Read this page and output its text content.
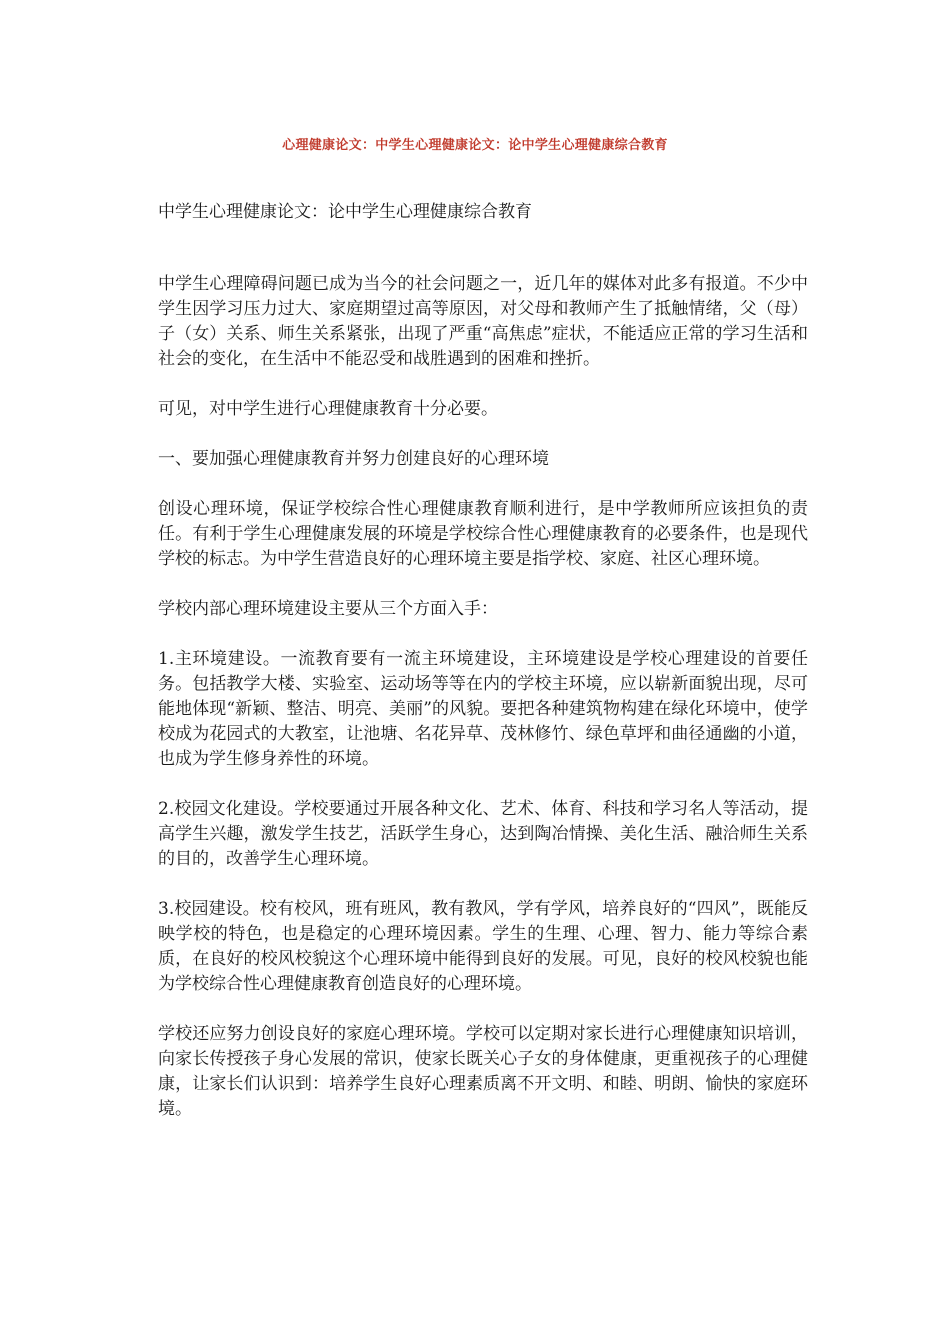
心理健康论文：中学生心理健康论文：论中学生心理健康综合教育

中学生心理健康论文：论中学生心理健康综合教育

中学生心理障碍问题已成为当今的社会问题之一，近几年的媒体对此多有报道。不少中学生因学习压力过大、家庭期望过高等原因，对父母和教师产生了抵触情绪，父（母）子（女）关系、师生关系紧张，出现了严重“高焦虑”症状，不能适应正常的学习生活和社会的变化，在生活中不能忍受和战胜遇到的困难和挫折。

可见，对中学生进行心理健康教育十分必要。

一、要加强心理健康教育并努力创建良好的心理环境

创设心理环境，保证学校综合性心理健康教育顺利进行，是中学教师所应该担负的责任。有利于学生心理健康发展的环境是学校综合性心理健康教育的必要条件，也是现代学校的标志。为中学生营造良好的心理环境主要是指学校、家庭、社区心理环境。

学校内部心理环境建设主要从三个方面入手：

1.主环境建设。一流教育要有一流主环境建设，主环境建设是学校心理建设的首要任务。包括教学大楼、实验室、运动场等等在内的学校主环境，应以崭新面貌出现，尽可能地体现“新颖、整洁、明亮、美丽”的风貌。要把各种建筑物构建在绿化环境中，使学校成为花园式的大教室，让池塘、名花异草、茂林修竹、绿色草坪和曲径通幽的小道，也成为学生修身养性的环境。

2.校园文化建设。学校要通过开展各种文化、艺术、体育、科技和学习名人等活动，提高学生兴趣，激发学生技艺，活跃学生身心，达到陶冶情操、美化生活、融洽师生关系的目的，改善学生心理环境。

3.校园建设。校有校风，班有班风，教有教风，学有学风，培养良好的“四风”，既能反映学校的特色，也是稳定的心理环境因素。学生的生理、心理、智力、能力等综合素质，在良好的校风校貌这个心理环境中能得到良好的发展。可见，良好的校风校貌也能为学校综合性心理健康教育创造良好的心理环境。

学校还应努力创设良好的家庭心理环境。学校可以定期对家长进行心理健康知识培训，向家长传授孩子身心发展的常识，使家长既关心子女的身体健康，更重视孩子的心理健康，让家长们认识到：培养学生良好心理素质离不开文明、和睦、明朗、愉快的家庭环境。
